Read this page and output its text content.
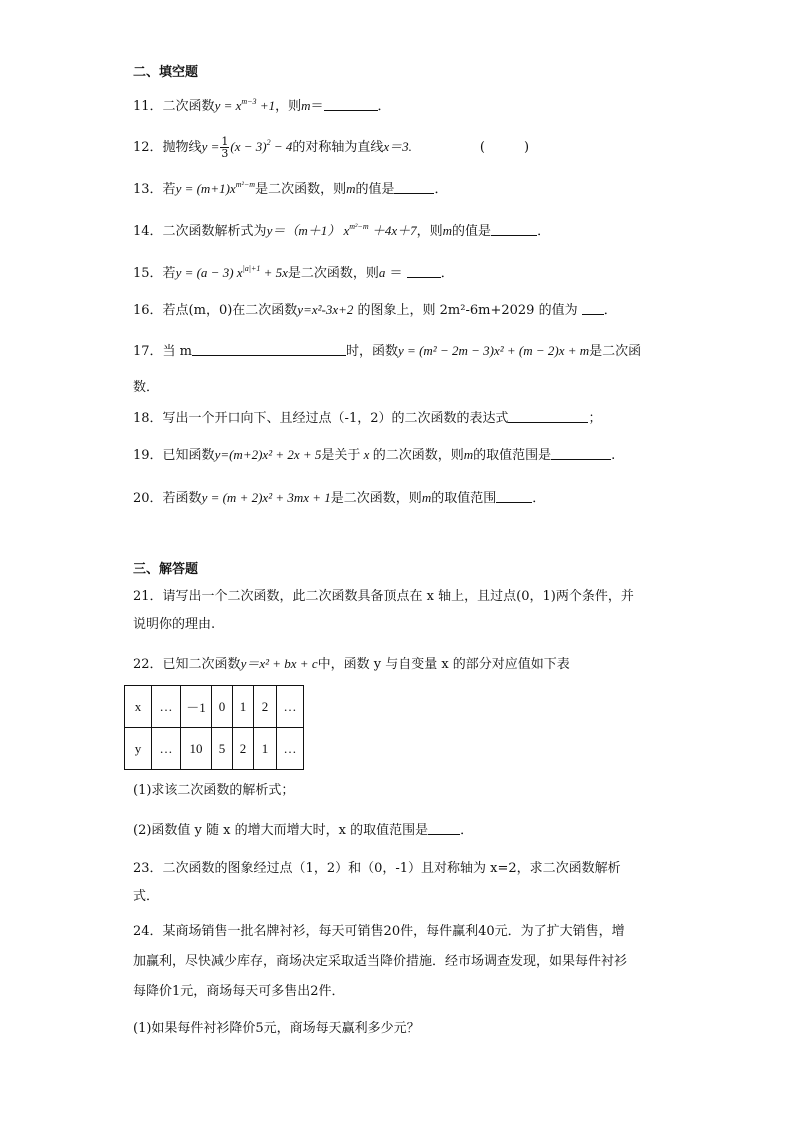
二、填空题
11．二次函数$y = x^{m-3} +1$，则m＝	．
12．抛物线$y = \frac{1}{3} (x - 3)^2 - 4$的对称轴为直线x＝3.	(　　　)
13．若$y = (m+1)x^{m^2-m}$是二次函数，则m的值是	．
14．二次函数解析式为y＝（m＋1） $x^{m^2-m} +4x+7$，则m的值是	．
15．若y = (a − 3) $x^{|a|+1} + 5x$是二次函数，则a ＝	．
16．若点(m，0)在二次函数y=x²-3x+2 的图象上，则 2m²-6m+2029 的值为 ．
17．当 m	时，函数y = (m² − 2m − 3)x² + (m − 2)x + m是二次函
数．
18．写出一个开口向下、且经过点（-1，2）的二次函数的表达式	；
19．已知函数y=(m+2)x² + 2x + 5是关于 x 的二次函数，则m的取值范围是	.
20．若函数y = (m + 2)x² + 3mx + 1是二次函数，则m的取值范围	．
三、解答题
21．请写出一个二次函数，此二次函数具备顶点在 x 轴上，且过点(0，1)两个条件，并
说明你的理由.
22．已知二次函数y＝x² + bx + c中，函数 y 与自变量 x 的部分对应值如下表
x	…	－1	0	1	2	…
y	…	10	5	2	1	…
(1)求该二次函数的解析式；
(2)函数值 y 随 x 的增大而增大时，x 的取值范围是 ．
23．二次函数的图象经过点（1，2）和（0，-1）且对称轴为 x=2，求二次函数解析
式．
24．某商场销售一批名牌衬衫，每天可销售20件，每件赢利40元．为了扩大销售，增
加赢利，尽快减少库存，商场决定采取适当降价措施．经市场调查发现，如果每件衬衫
每降价1元，商场每天可多售出2件．
(1)如果每件衬衫降价5元，商场每天赢利多少元？
